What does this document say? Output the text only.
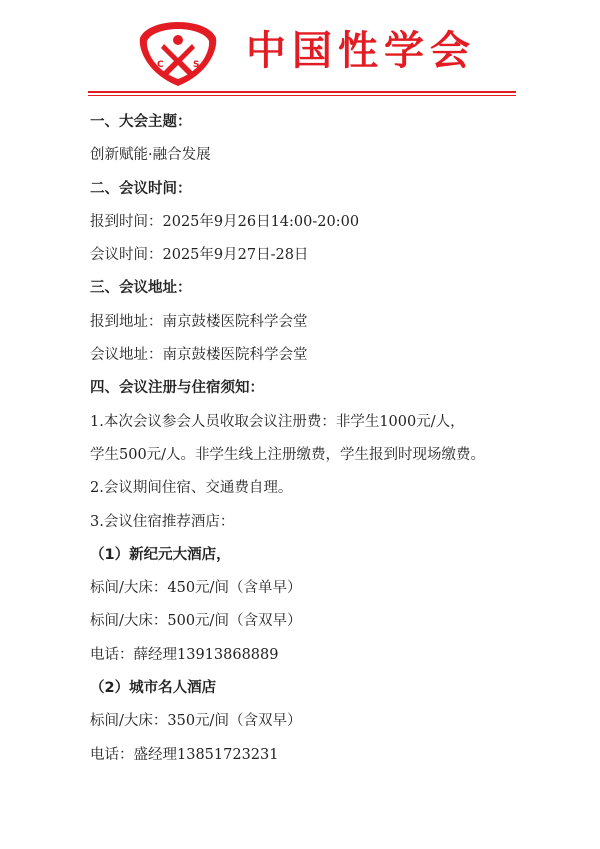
C	S 中国性学会
一、大会主题：
创新赋能·融合发展
二、会议时间：
报到时间：2025年9月26日14:00-20:00
会议时间：2025年9月27日-28日
三、会议地址：
报到地址：南京鼓楼医院科学会堂
会议地址：南京鼓楼医院科学会堂
四、会议注册与住宿须知：
1.本次会议参会人员收取会议注册费：非学生1000元/人，
学生500元/人。非学生线上注册缴费，学生报到时现场缴费。
2.会议期间住宿、交通费自理。
3.会议住宿推荐酒店：
（1）新纪元大酒店，
标间/大床：450元/间（含单早）
标间/大床：500元/间（含双早）
电话：薛经理13913868889
（2）城市名人酒店
标间/大床：350元/间（含双早）
电话：盛经理13851723231
